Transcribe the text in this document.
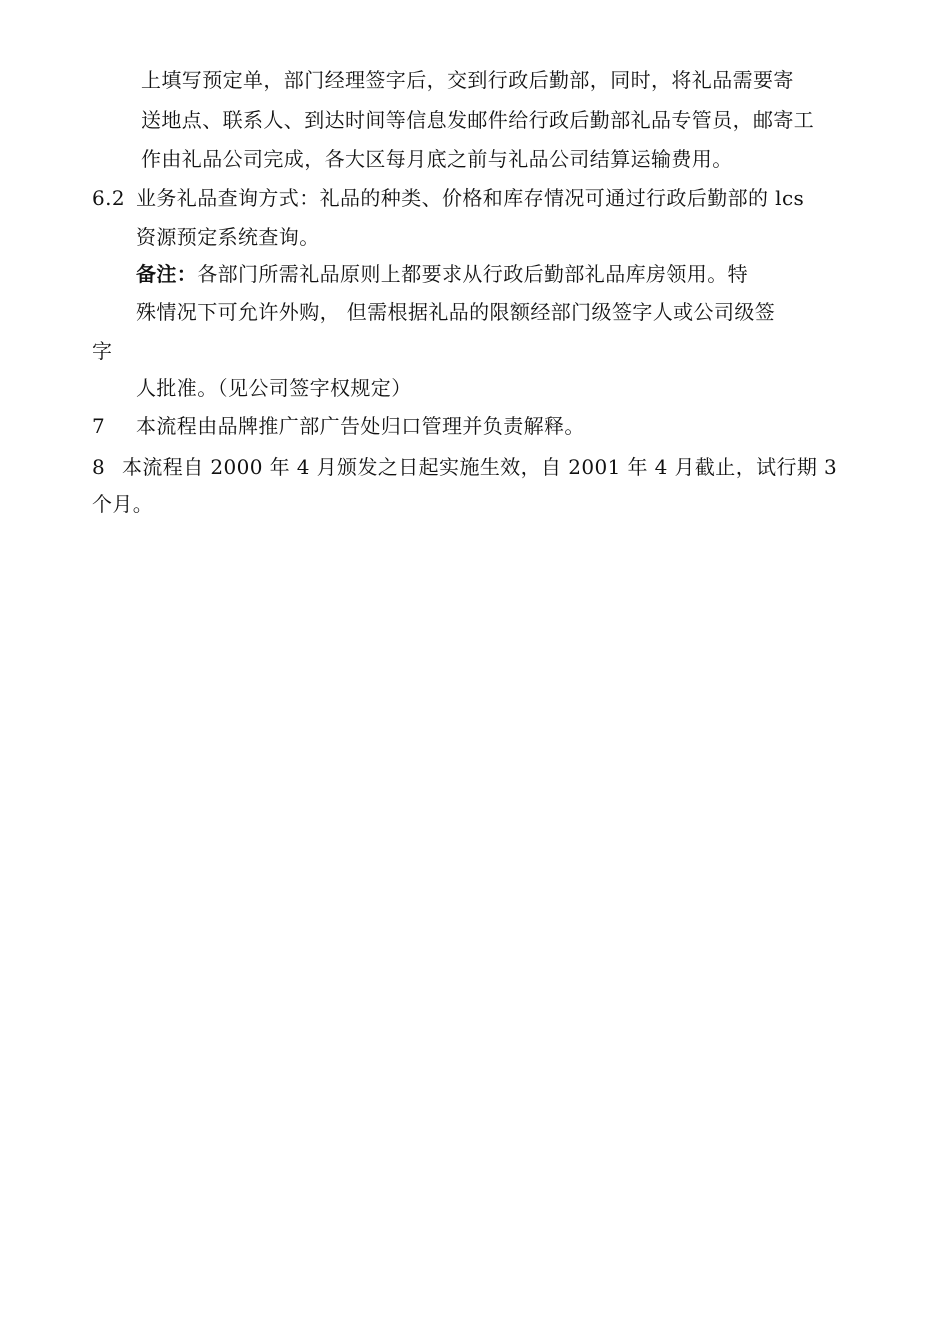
上填写预定单，部门经理签字后，交到行政后勤部，同时，将礼品需要寄
送地点、联系人、到达时间等信息发邮件给行政后勤部礼品专管员，邮寄工
作由礼品公司完成，各大区每月底之前与礼品公司结算运输费用。
6.2 业务礼品查询方式：礼品的种类、价格和库存情况可通过行政后勤部的 lcs
资源预定系统查询。
备注：各部门所需礼品原则上都要求从行政后勤部礼品库房领用。特
殊情况下可允许外购， 但需根据礼品的限额经部门级签字人或公司级签
字
人批准。（见公司签字权规定）
7 本流程由品牌推广部广告处归口管理并负责解释。
8 本流程自 2000 年 4 月颁发之日起实施生效，自 2001 年 4 月截止，试行期 3
个月。
